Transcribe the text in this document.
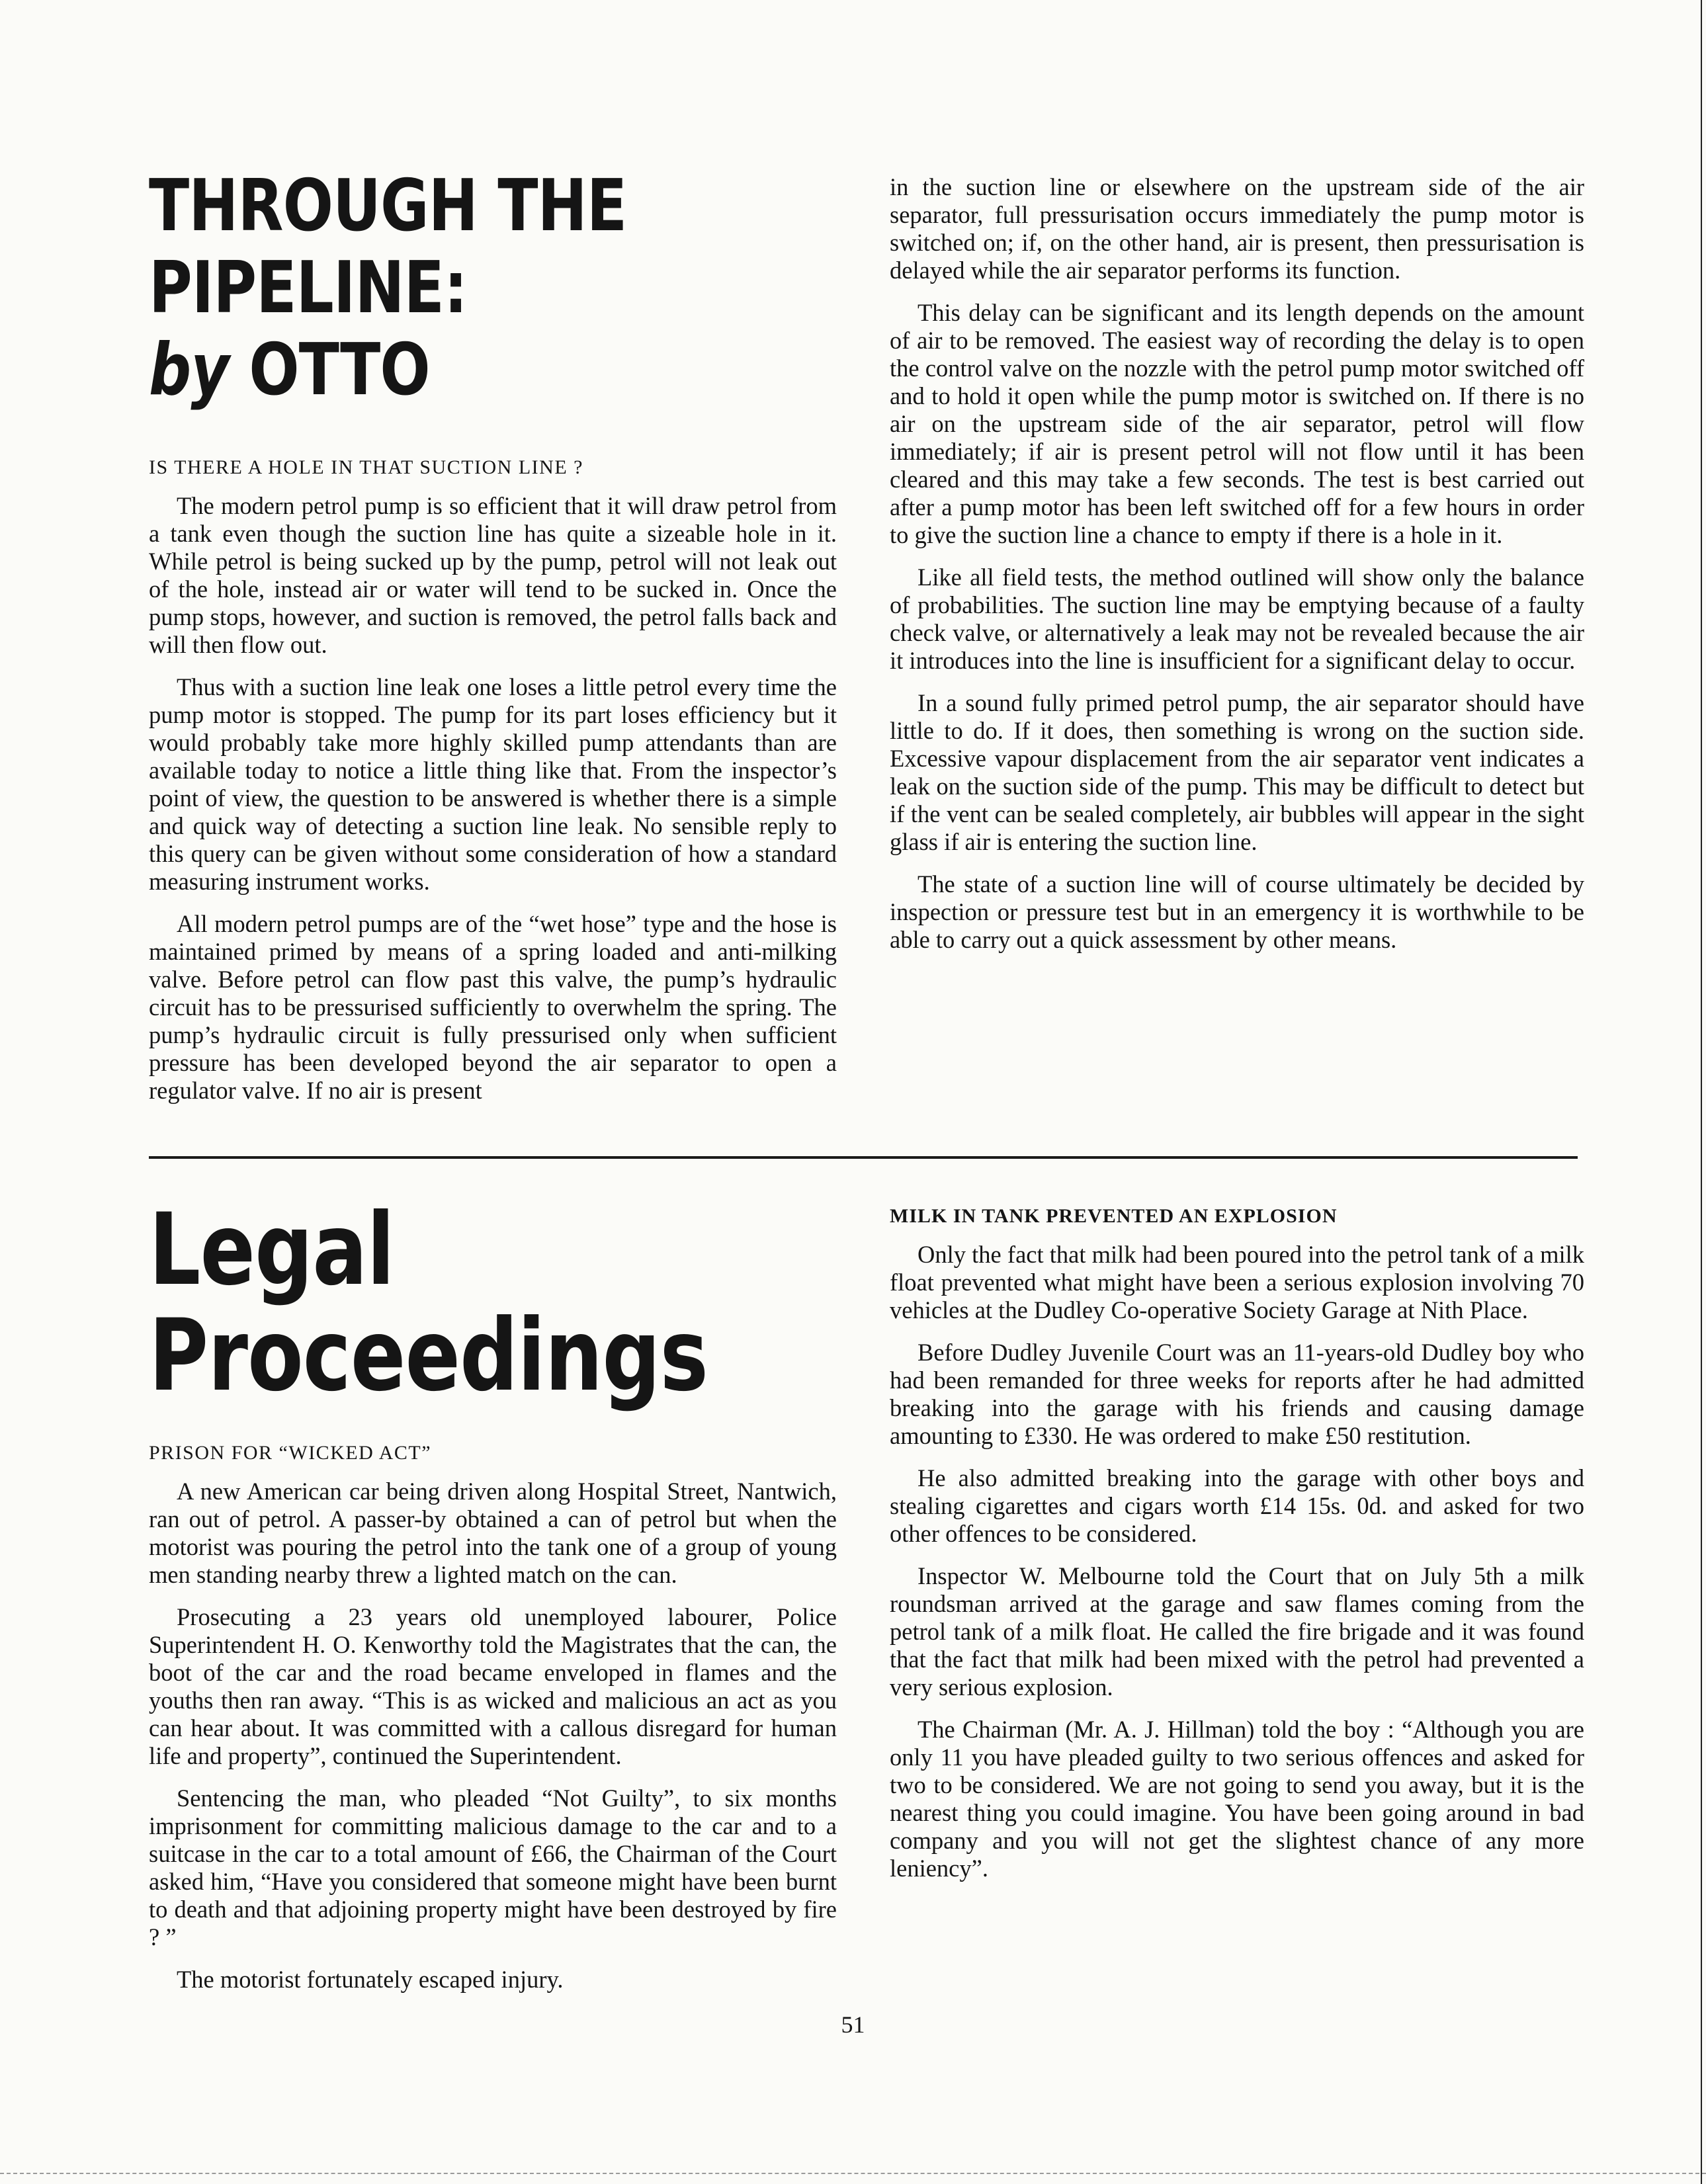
THROUGH THE PIPELINE:
by OTTO
IS THERE A HOLE IN THAT SUCTION LINE ?

The modern petrol pump is so efficient that it will draw petrol from a tank even though the suction line has quite a sizeable hole in it. While petrol is being sucked up by the pump, petrol will not leak out of the hole, instead air or water will tend to be sucked in. Once the pump stops, however, and suction is removed, the petrol falls back and will then flow out.

Thus with a suction line leak one loses a little petrol every time the pump motor is stopped. The pump for its part loses efficiency but it would probably take more highly skilled pump attendants than are available today to notice a little thing like that. From the inspector’s point of view, the question to be answered is whether there is a simple and quick way of detecting a suction line leak. No sensible reply to this query can be given without some consideration of how a standard measuring instrument works.

All modern petrol pumps are of the “wet hose” type and the hose is maintained primed by means of a spring loaded and anti-milking valve. Before petrol can flow past this valve, the pump’s hydraulic circuit has to be pressurised sufficiently to overwhelm the spring. The pump’s hydraulic circuit is fully pressurised only when sufficient pressure has been developed beyond the air separator to open a regulator valve. If no air is present

in the suction line or elsewhere on the upstream side of the air separator, full pressurisation occurs immediately the pump motor is switched on; if, on the other hand, air is present, then pressurisation is delayed while the air separator performs its function.

This delay can be significant and its length depends on the amount of air to be removed. The easiest way of recording the delay is to open the control valve on the nozzle with the petrol pump motor switched off and to hold it open while the pump motor is switched on. If there is no air on the upstream side of the air separator, petrol will flow immediately; if air is present petrol will not flow until it has been cleared and this may take a few seconds. The test is best carried out after a pump motor has been left switched off for a few hours in order to give the suction line a chance to empty if there is a hole in it.

Like all field tests, the method outlined will show only the balance of probabilities. The suction line may be emptying because of a faulty check valve, or alternatively a leak may not be revealed because the air it introduces into the line is insufficient for a significant delay to occur.

In a sound fully primed petrol pump, the air separator should have little to do. If it does, then something is wrong on the suction side. Excessive vapour displacement from the air separator vent indicates a leak on the suction side of the pump. This may be difficult to detect but if the vent can be sealed completely, air bubbles will appear in the sight glass if air is entering the suction line.

The state of a suction line will of course ultimately be decided by inspection or pressure test but in an emergency it is worthwhile to be able to carry out a quick assessment by other means.

Legal Proceedings
PRISON FOR “WICKED ACT”

A new American car being driven along Hospital Street, Nantwich, ran out of petrol. A passer-by obtained a can of petrol but when the motorist was pouring the petrol into the tank one of a group of young men standing nearby threw a lighted match on the can.

Prosecuting a 23 years old unemployed labourer, Police Superintendent H. O. Kenworthy told the Magistrates that the can, the boot of the car and the road became enveloped in flames and the youths then ran away. “This is as wicked and malicious an act as you can hear about. It was committed with a callous disregard for human life and property”, continued the Superintendent.

Sentencing the man, who pleaded “Not Guilty”, to six months imprisonment for committing malicious damage to the car and to a suitcase in the car to a total amount of £66, the Chairman of the Court asked him, “Have you considered that someone might have been burnt to death and that adjoining property might have been destroyed by fire ? ”

The motorist fortunately escaped injury.

MILK IN TANK PREVENTED AN EXPLOSION

Only the fact that milk had been poured into the petrol tank of a milk float prevented what might have been a serious explosion involving 70 vehicles at the Dudley Co-operative Society Garage at Nith Place.

Before Dudley Juvenile Court was an 11-years-old Dudley boy who had been remanded for three weeks for reports after he had admitted breaking into the garage with his friends and causing damage amounting to £330. He was ordered to make £50 restitution.

He also admitted breaking into the garage with other boys and stealing cigarettes and cigars worth £14 15s. 0d. and asked for two other offences to be considered.

Inspector W. Melbourne told the Court that on July 5th a milk roundsman arrived at the garage and saw flames coming from the petrol tank of a milk float. He called the fire brigade and it was found that the fact that milk had been mixed with the petrol had prevented a very serious explosion.

The Chairman (Mr. A. J. Hillman) told the boy : “Although you are only 11 you have pleaded guilty to two serious offences and asked for two to be considered. We are not going to send you away, but it is the nearest thing you could imagine. You have been going around in bad company and you will not get the slightest chance of any more leniency”.

51
